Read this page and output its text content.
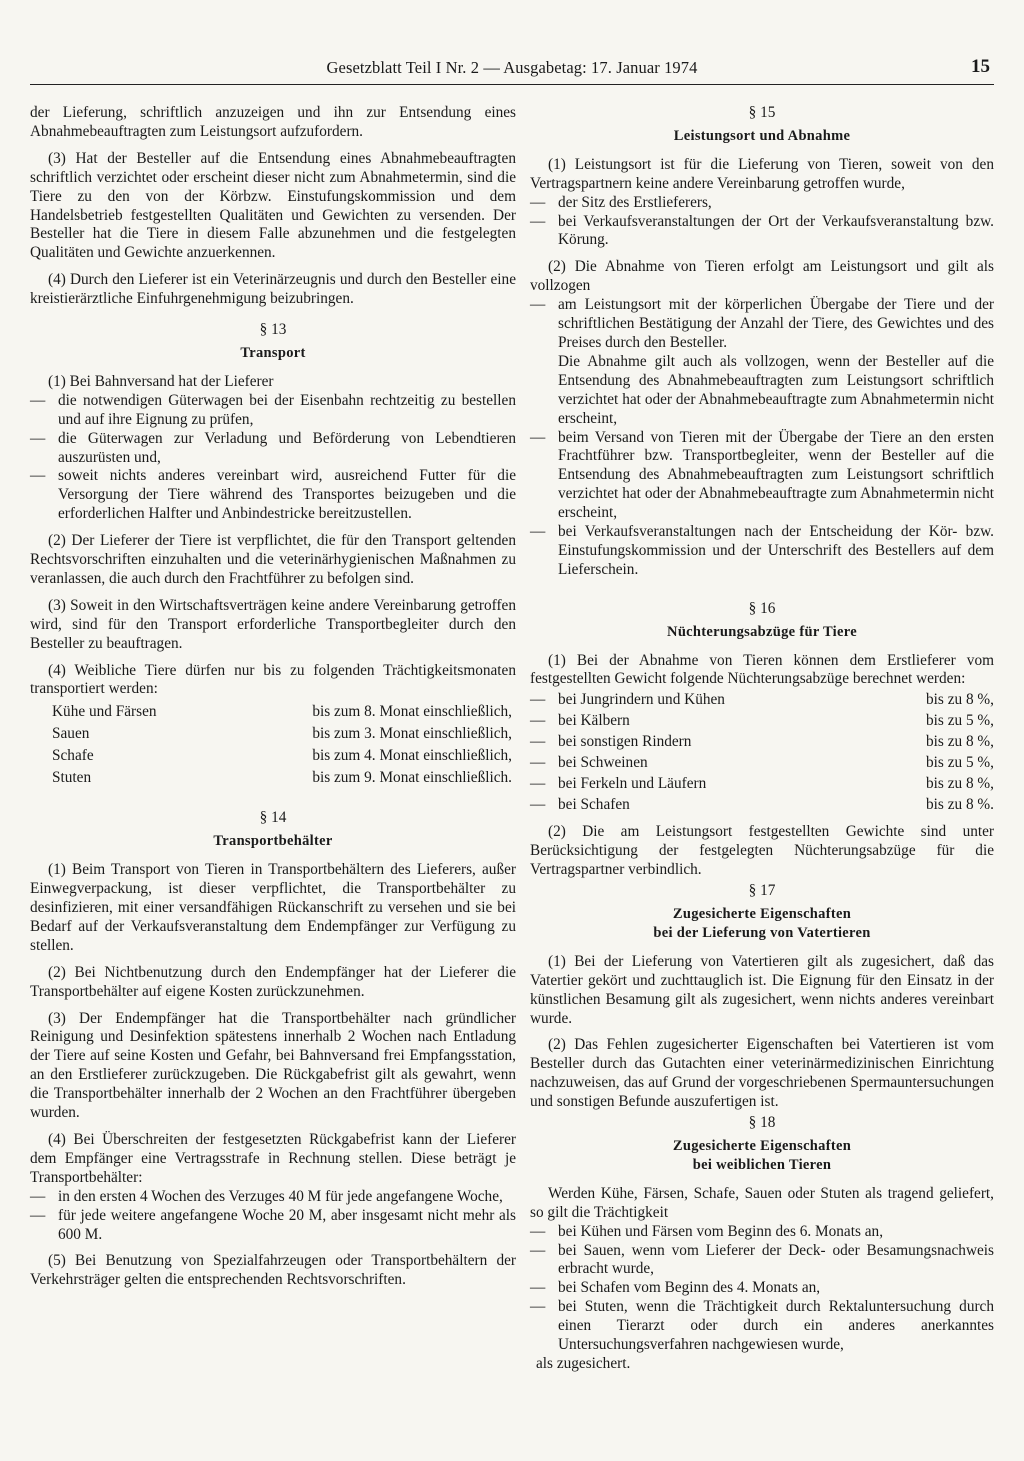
Gesetzblatt Teil I Nr. 2 — Ausgabetag: 17. Januar 1974	15

der Lieferung, schriftlich anzuzeigen und ihn zur Entsendung eines Abnahmebeauftragten zum Leistungsort aufzufordern.

(3) Hat der Besteller auf die Entsendung eines Abnahmebeauftragten schriftlich verzichtet oder erscheint dieser nicht zum Abnahmetermin, sind die Tiere zu den von der Körbzw. Einstufungskommission und dem Handelsbetrieb festgestellten Qualitäten und Gewichten zu versenden. Der Besteller hat die Tiere in diesem Falle abzunehmen und die festgelegten Qualitäten und Gewichte anzuerkennen.

(4) Durch den Lieferer ist ein Veterinärzeugnis und durch den Besteller eine kreistierärztliche Einfuhrgenehmigung beizubringen.

§ 13
Transport

(1) Bei Bahnversand hat der Lieferer

— die notwendigen Güterwagen bei der Eisenbahn rechtzeitig zu bestellen und auf ihre Eignung zu prüfen,
— die Güterwagen zur Verladung und Beförderung von Lebendtieren auszurüsten und,
— soweit nichts anderes vereinbart wird, ausreichend Futter für die Versorgung der Tiere während des Transportes beizugeben und die erforderlichen Halfter und Anbindestricke bereitzustellen.

(2) Der Lieferer der Tiere ist verpflichtet, die für den Transport geltenden Rechtsvorschriften einzuhalten und die veterinärhygienischen Maßnahmen zu veranlassen, die auch durch den Frachtführer zu befolgen sind.

(3) Soweit in den Wirtschaftsverträgen keine andere Vereinbarung getroffen wird, sind für den Transport erforderliche Transportbegleiter durch den Besteller zu beauftragen.

(4) Weibliche Tiere dürfen nur bis zu folgenden Trächtigkeitsmonaten transportiert werden:

Kühe und Färsen	bis zum 8. Monat einschließlich,
Sauen	bis zum 3. Monat einschließlich,
Schafe	bis zum 4. Monat einschließlich,
Stuten	bis zum 9. Monat einschließlich.
§ 14
Transportbehälter

(1) Beim Transport von Tieren in Transportbehältern des Lieferers, außer Einwegverpackung, ist dieser verpflichtet, die Transportbehälter zu desinfizieren, mit einer versandfähigen Rückanschrift zu versehen und sie bei Bedarf auf der Verkaufsveranstaltung dem Endempfänger zur Verfügung zu stellen.

(2) Bei Nichtbenutzung durch den Endempfänger hat der Lieferer die Transportbehälter auf eigene Kosten zurückzunehmen.

(3) Der Endempfänger hat die Transportbehälter nach gründlicher Reinigung und Desinfektion spätestens innerhalb 2 Wochen nach Entladung der Tiere auf seine Kosten und Gefahr, bei Bahnversand frei Empfangsstation, an den Erstlieferer zurückzugeben. Die Rückgabefrist gilt als gewahrt, wenn die Transportbehälter innerhalb der 2 Wochen an den Frachtführer übergeben wurden.

(4) Bei Überschreiten der festgesetzten Rückgabefrist kann der Lieferer dem Empfänger eine Vertragsstrafe in Rechnung stellen. Diese beträgt je Transportbehälter:

— in den ersten 4 Wochen des Verzuges 40 M für jede angefangene Woche,
— für jede weitere angefangene Woche 20 M, aber insgesamt nicht mehr als 600 M.

(5) Bei Benutzung von Spezialfahrzeugen oder Transportbehältern der Verkehrsträger gelten die entsprechenden Rechtsvorschriften.

§ 15
Leistungsort und Abnahme

(1) Leistungsort ist für die Lieferung von Tieren, soweit von den Vertragspartnern keine andere Vereinbarung getroffen wurde,

— der Sitz des Erstlieferers,
— bei Verkaufsveranstaltungen der Ort der Verkaufsveranstaltung bzw. Körung.

(2) Die Abnahme von Tieren erfolgt am Leistungsort und gilt als vollzogen

— am Leistungsort mit der körperlichen Übergabe der Tiere und der schriftlichen Bestätigung der Anzahl der Tiere, des Gewichtes und des Preises durch den Besteller.
Die Abnahme gilt auch als vollzogen, wenn der Besteller auf die Entsendung des Abnahmebeauftragten zum Leistungsort schriftlich verzichtet hat oder der Abnahmebeauftragte zum Abnahmetermin nicht erscheint,
— beim Versand von Tieren mit der Übergabe der Tiere an den ersten Frachtführer bzw. Transportbegleiter, wenn der Besteller auf die Entsendung des Abnahmebeauftragten zum Leistungsort schriftlich verzichtet hat oder der Abnahmebeauftragte zum Abnahmetermin nicht erscheint,
— bei Verkaufsveranstaltungen nach der Entscheidung der Kör- bzw. Einstufungskommission und der Unterschrift des Bestellers auf dem Lieferschein.
§ 16
Nüchterungsabzüge für Tiere

(1) Bei der Abnahme von Tieren können dem Erstlieferer vom festgestellten Gewicht folgende Nüchterungsabzüge berechnet werden:

—	bei Jungrindern und Kühen	bis zu 8 %,
—	bei Kälbern	bis zu 5 %,
—	bei sonstigen Rindern	bis zu 8 %,
—	bei Schweinen	bis zu 5 %,
—	bei Ferkeln und Läufern	bis zu 8 %,
—	bei Schafen	bis zu 8 %.

(2) Die am Leistungsort festgestellten Gewichte sind unter Berücksichtigung der festgelegten Nüchterungsabzüge für die Vertragspartner verbindlich.

§ 17
Zugesicherte Eigenschaften
bei der Lieferung von Vatertieren

(1) Bei der Lieferung von Vatertieren gilt als zugesichert, daß das Vatertier gekört und zuchttauglich ist. Die Eignung für den Einsatz in der künstlichen Besamung gilt als zugesichert, wenn nichts anderes vereinbart wurde.

(2) Das Fehlen zugesicherter Eigenschaften bei Vatertieren ist vom Besteller durch das Gutachten einer veterinärmedizinischen Einrichtung nachzuweisen, das auf Grund der vorgeschriebenen Spermauntersuchungen und sonstigen Befunde auszufertigen ist.

§ 18
Zugesicherte Eigenschaften
bei weiblichen Tieren

Werden Kühe, Färsen, Schafe, Sauen oder Stuten als tragend geliefert, so gilt die Trächtigkeit

— bei Kühen und Färsen vom Beginn des 6. Monats an,
— bei Sauen, wenn vom Lieferer der Deck- oder Besamungsnachweis erbracht wurde,
— bei Schafen vom Beginn des 4. Monats an,
— bei Stuten, wenn die Trächtigkeit durch Rektaluntersuchung durch einen Tierarzt oder durch ein anderes anerkanntes Untersuchungsverfahren nachgewiesen wurde,

als zugesichert.
